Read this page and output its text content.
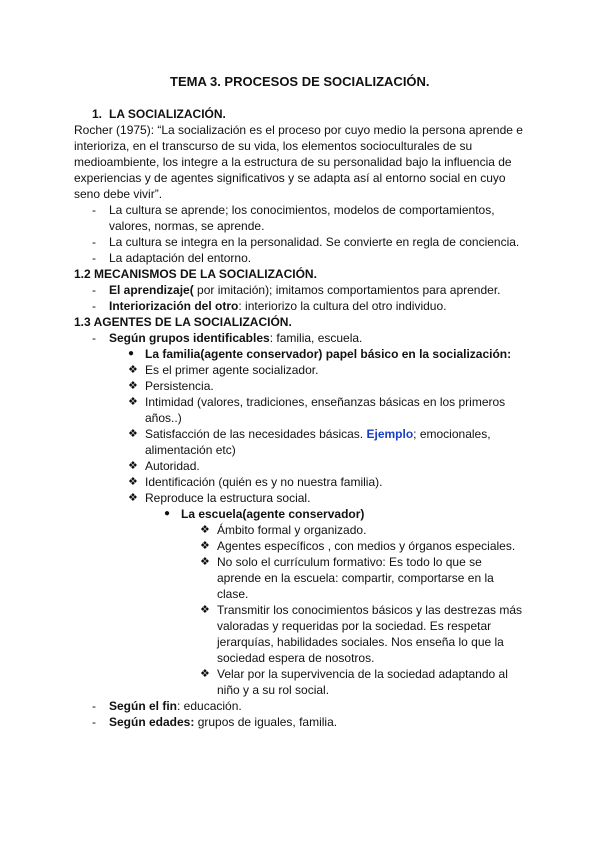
TEMA 3. PROCESOS DE SOCIALIZACIÓN.
1. LA SOCIALIZACIÓN.
Rocher (1975): “La socialización es el proceso por cuyo medio la persona aprende e
interioriza, en el transcurso de su vida, los elementos socioculturales de su
medioambiente, los integre a la estructura de su personalidad bajo la influencia de
experiencias y de agentes significativos y se adapta así al entorno social en cuyo
seno debe vivir”.
- La cultura se aprende; los conocimientos, modelos de comportamientos,
valores, normas, se aprende.
- La cultura se integra en la personalidad. Se convierte en regla de conciencia.
- La adaptación del entorno.
1.2 MECANISMOS DE LA SOCIALIZACIÓN.
- El aprendizaje( por imitación); imitamos comportamientos para aprender.
- Interiorización del otro: interiorizo la cultura del otro individuo.
1.3 AGENTES DE LA SOCIALIZACIÓN.
- Según grupos identificables: familia, escuela.
● La familia(agente conservador) papel básico en la socialización:
❖ Es el primer agente socializador.
❖ Persistencia.
❖ Intimidad (valores, tradiciones, enseñanzas básicas en los primeros
años..)
❖ Satisfacción de las necesidades básicas. Ejemplo; emocionales,
alimentación etc)
❖ Autoridad.
❖ Identificación (quién es y no nuestra familia).
❖ Reproduce la estructura social.
● La escuela(agente conservador)
❖ Ámbito formal y organizado.
❖ Agentes específicos , con medios y órganos especiales.
❖ No solo el currículum formativo: Es todo lo que se
aprende en la escuela: compartir, comportarse en la
clase.
❖ Transmitir los conocimientos básicos y las destrezas más
valoradas y requeridas por la sociedad. Es respetar
jerarquías, habilidades sociales. Nos enseña lo que la
sociedad espera de nosotros.
❖ Velar por la supervivencia de la sociedad adaptando al
niño y a su rol social.
- Según el fin: educación.
- Según edades: grupos de iguales, familia.
